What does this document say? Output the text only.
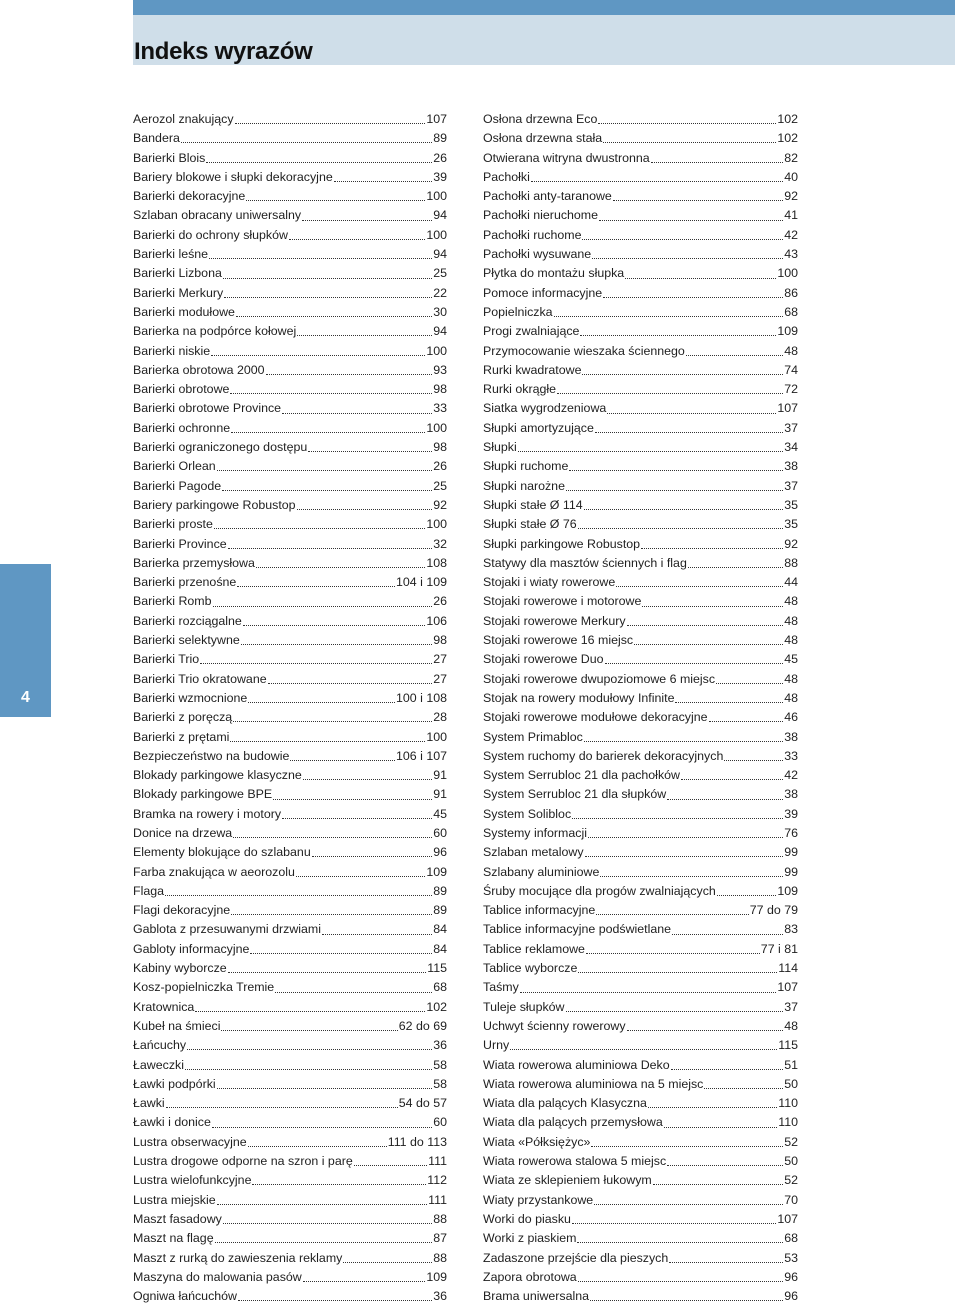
Indeks wyrazów
4
Aerozol znakujący	107
Bandera	89
Barierki Blois	26
Bariery blokowe i słupki dekoracyjne	39
Barierki dekoracyjne	100
Szlaban obracany uniwersalny	94
Barierki do ochrony słupków	100
Barierki leśne	94
Barierki Lizbona	25
Barierki Merkury	22
Barierki modułowe	30
Barierka na podpórce kołowej	94
Barierki niskie	100
Barierka obrotowa 2000	93
Barierki obrotowe	98
Barierki obrotowe Province	33
Barierki ochronne	100
Barierki ograniczonego dostępu	98
Barierki Orlean	26
Barierki Pagode	25
Bariery parkingowe Robustop	92
Barierki proste	100
Barierki Province	32
Barierka przemysłowa	108
Barierki przenośne	104 i 109
Barierki Romb	26
Barierki rozciągalne	106
Barierki selektywne	98
Barierki Trio	27
Barierki Trio okratowane	27
Barierki wzmocnione	100 i 108
Barierki z poręczą	28
Barierki z prętami	100
Bezpieczeństwo na budowie	106 i 107
Blokady parkingowe klasyczne	91
Blokady parkingowe BPE	91
Bramka na rowery i motory	45
Donice na drzewa	60
Elementy blokujące do szlabanu	96
Farba znakująca w aeorozolu	109
Flaga	89
Flagi dekoracyjne	89
Gablota z przesuwanymi drzwiami	84
Gabloty informacyjne	84
Kabiny wyborcze	115
Kosz-popielniczka Tremie	68
Kratownica	102
Kubeł na śmieci	62 do 69
Łańcuchy	36
Ławeczki	58
Ławki podpórki	58
Ławki	54 do 57
Ławki i donice	60
Lustra obserwacyjne	111 do 113
Lustra drogowe odporne na szron i parę	111
Lustra wielofunkcyjne	112
Lustra miejskie	111
Maszt fasadowy	88
Maszt na flagę	87
Maszt z rurką do zawieszenia reklamy	88
Maszyna do malowania pasów	109
Ogniwa łańcuchów	36
Osłona drzewna Eco	102
Osłona drzewna stała	102
Otwierana witryna dwustronna	82
Pachołki	40
Pachołki anty-taranowe	92
Pachołki nieruchome	41
Pachołki ruchome	42
Pachołki wysuwane	43
Płytka do montażu słupka	100
Pomoce informacyjne	86
Popielniczka	68
Progi zwalniające	109
Przymocowanie wieszaka ściennego	48
Rurki kwadratowe	74
Rurki okrągłe	72
Siatka wygrodzeniowa	107
Słupki amortyzujące	37
Słupki	34
Słupki ruchome	38
Słupki narożne	37
Słupki stałe Ø 114	35
Słupki stałe Ø 76	35
Słupki parkingowe Robustop	92
Statywy dla masztów ściennych i flag	88
Stojaki i wiaty rowerowe	44
Stojaki rowerowe i motorowe	48
Stojaki rowerowe Merkury	48
Stojaki rowerowe 16 miejsc	48
Stojaki rowerowe Duo	45
Stojaki rowerowe dwupoziomowe 6 miejsc	48
Stojak na rowery modułowy Infinite	48
Stojaki rowerowe modułowe dekoracyjne	46
System Primabloc	38
System ruchomy do barierek dekoracyjnych	33
System Serrubloc 21 dla pachołków	42
System Serrubloc 21 dla słupków	38
System Solibloc	39
Systemy informacji	76
Szlaban metalowy	99
Szlabany aluminiowe	99
Śruby mocujące dla progów zwalniających	109
Tablice informacyjne	77 do 79
Tablice informacyjne podświetlane	83
Tablice reklamowe	77 i 81
Tablice wyborcze	114
Taśmy	107
Tuleje słupków	37
Uchwyt ścienny rowerowy	48
Urny	115
Wiata rowerowa aluminiowa Deko	51
Wiata rowerowa aluminiowa na 5 miejsc	50
Wiata dla palących Klasyczna	110
Wiata dla palących przemysłowa	110
Wiata «Półksiężyc»	52
Wiata rowerowa stalowa 5 miejsc	50
Wiata ze sklepieniem łukowym	52
Wiaty przystankowe	70
Worki do piasku	107
Worki z piaskiem	68
Zadaszone przejście dla pieszych	53
Zapora obrotowa	96
Brama uniwersalna	96
